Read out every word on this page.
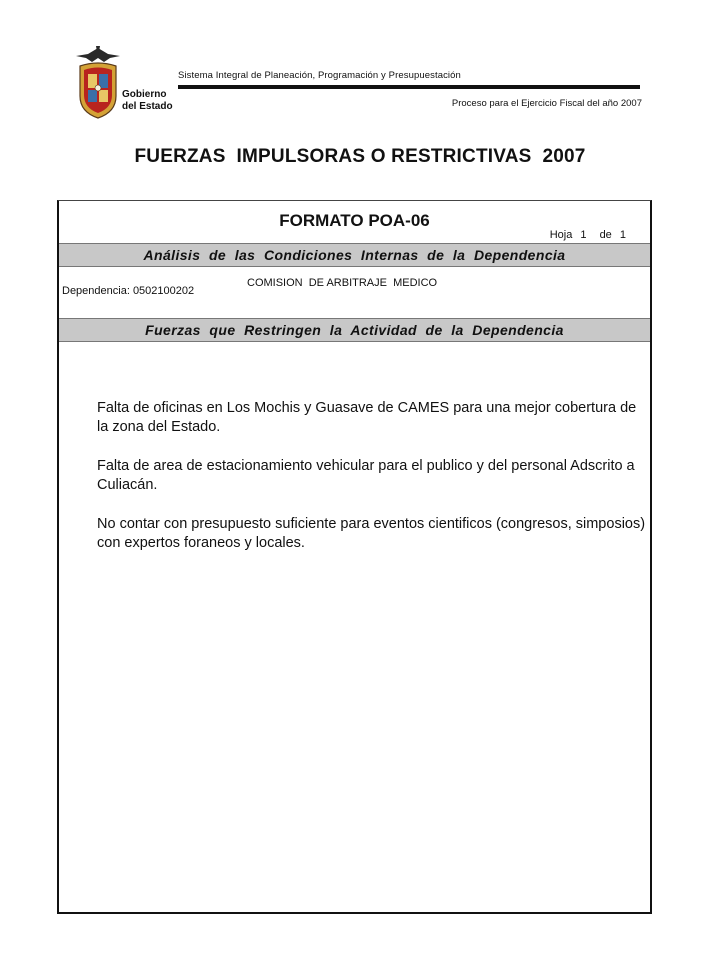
Gobierno
del Estado
Sistema Integral de Planeación, Programación y Presupuestación
Proceso para el Ejercicio Fiscal del año 2007
FUERZAS  IMPULSORAS O RESTRICTIVAS  2007
FORMATO POA-06
Hoja 1 de 1
Análisis  de  las  Condiciones  Internas  de  la  Dependencia
Dependencia: 0502100202
COMISION  DE ARBITRAJE  MEDICO
Fuerzas  que  Restringen  la  Actividad  de  la  Dependencia

Falta de oficinas en Los Mochis y Guasave de CAMES para una mejor cobertura de la zona del Estado.

Falta de area de estacionamiento vehicular para el publico y del personal Adscrito a Culiacán.

No contar con presupuesto suficiente para eventos cientificos (congresos, simposios) con expertos foraneos y locales.
